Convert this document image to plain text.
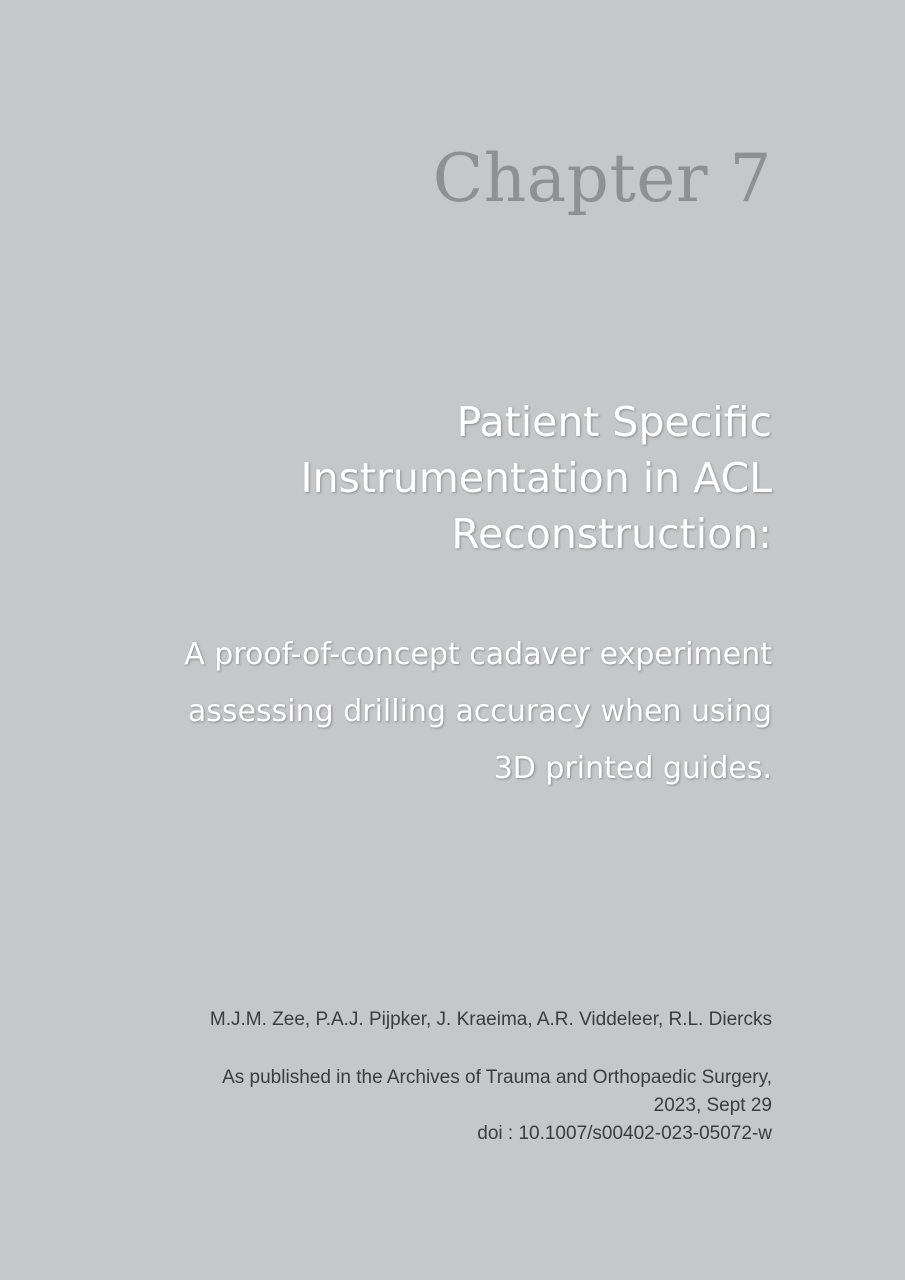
Chapter 7
Patient Specific
Instrumentation in ACL
Reconstruction:
A proof-of-concept cadaver experiment
assessing drilling accuracy when using
3D printed guides.
M.J.M. Zee, P.A.J. Pijpker, J. Kraeima, A.R. Viddeleer, R.L. Diercks
As published in the Archives of Trauma and Orthopaedic Surgery,
2023, Sept 29
doi : 10.1007/s00402-023-05072-w
